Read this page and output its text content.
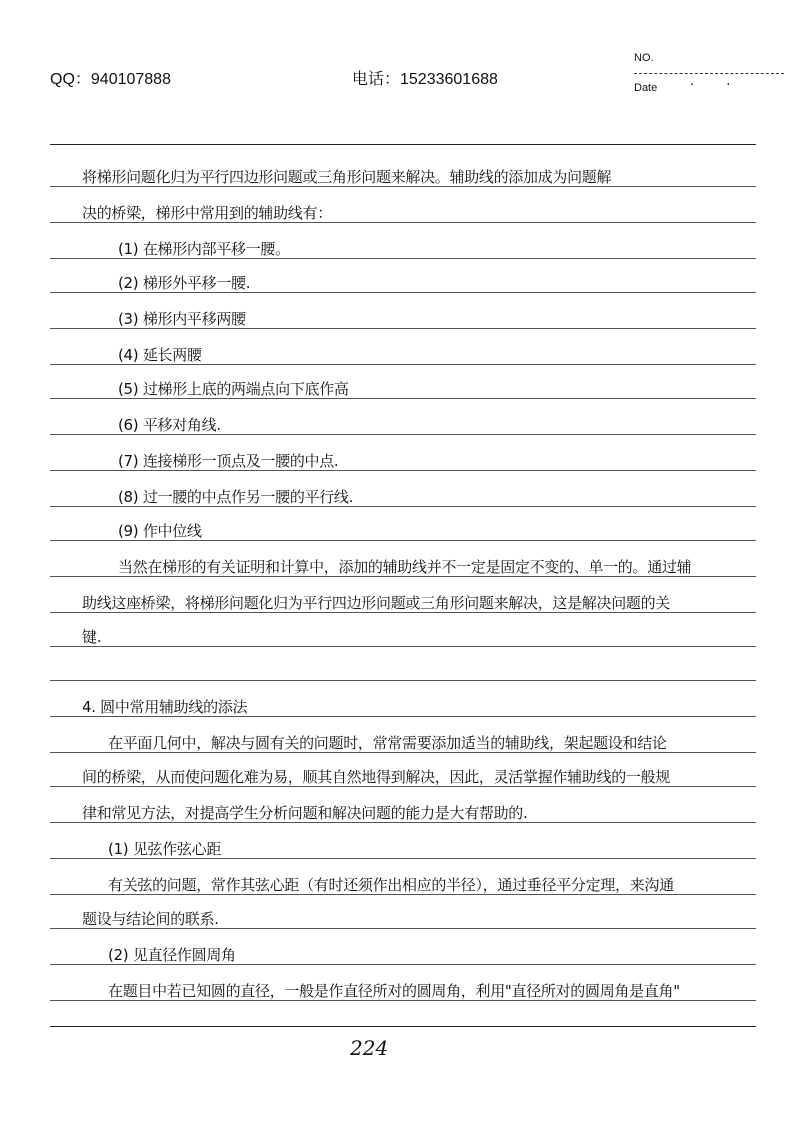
QQ：940107888	电话：15233601688
NO.
Date	· ·
将梯形问题化归为平行四边形问题或三角形问题来解决。辅助线的添加成为问题解
决的桥梁，梯形中常用到的辅助线有：
(1) 在梯形内部平移一腰。
(2) 梯形外平移一腰.
(3) 梯形内平移两腰
(4) 延长两腰
(5) 过梯形上底的两端点向下底作高
(6) 平移对角线.
(7) 连接梯形一顶点及一腰的中点.
(8) 过一腰的中点作另一腰的平行线.
(9) 作中位线
当然在梯形的有关证明和计算中，添加的辅助线并不一定是固定不变的、单一的。通过辅
助线这座桥梁，将梯形问题化归为平行四边形问题或三角形问题来解决，这是解决问题的关
键.
4. 圆中常用辅助线的添法
在平面几何中，解决与圆有关的问题时，常常需要添加适当的辅助线，架起题设和结论
间的桥梁，从而使问题化难为易，顺其自然地得到解决，因此，灵活掌握作辅助线的一般规
律和常见方法，对提高学生分析问题和解决问题的能力是大有帮助的.
(1) 见弦作弦心距
有关弦的问题，常作其弦心距（有时还须作出相应的半径），通过垂径平分定理，来沟通
题设与结论间的联系.
(2) 见直径作圆周角
在题目中若已知圆的直径，一般是作直径所对的圆周角，利用"直径所对的圆周角是直角"
224
